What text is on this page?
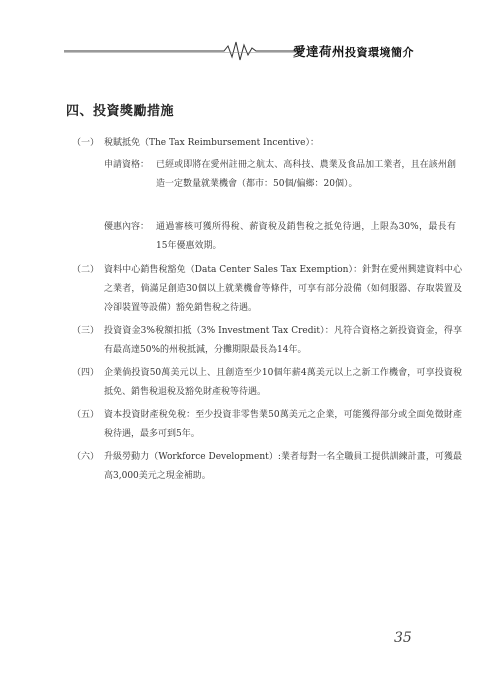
愛達荷州投資環境簡介
四、投資獎勵措施
（一） 稅賦抵免（The Tax Reimbursement Incentive）：
申請資格： 已經或即將在愛州註冊之航太、高科技、農業及食品加工業者，且在該州創造一定數量就業機會（都市：50個/偏鄉：20個）。
優惠內容： 通過審核可獲所得稅、薪資稅及銷售稅之抵免待遇，上限為30%，最長有15年優惠效期。
（二） 資料中心銷售稅豁免（Data Center Sales Tax Exemption）：針對在愛州興建資料中心之業者，倘滿足創造30個以上就業機會等條件，可享有部分設備（如伺服器、存取裝置及冷卻裝置等設備）豁免銷售稅之待遇。
（三） 投資資金3%稅額扣抵（3% Investment Tax Credit）：凡符合資格之新投資資金，得享有最高達50%的州稅抵減，分攤期限最長為14年。
（四） 企業倘投資50萬美元以上、且創造至少10個年薪4萬美元以上之新工作機會，可享投資稅抵免、銷售稅退稅及豁免財產稅等待遇。
（五） 資本投資財產稅免稅：至少投資非零售業50萬美元之企業，可能獲得部分或全面免徵財產稅待遇，最多可到5年。
（六） 升級勞動力（Workforce Development）:業者每對一名全職員工提供訓練計畫，可獲最高3,000美元之現金補助。
35
